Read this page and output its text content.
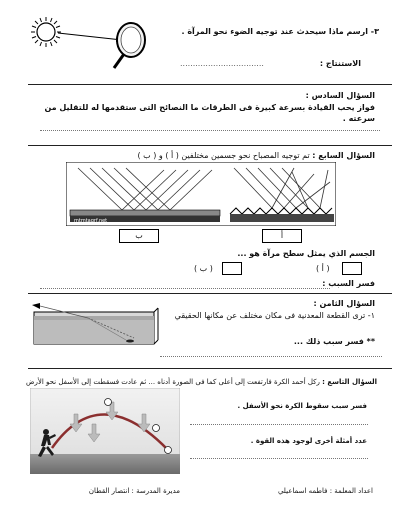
٣- ارسم ماذا سيحدث عند توجيه الضوء نحو المرآة .
الاستنتاج :
.................................
السؤال السادس :
فواز يحب القيادة بسرعة كبيرة فى الطرقات ما النصائح التى ستقدمها له للتقليل من سرعته .
السؤال السابع : تم توجيه المصباح نحو جسمين مختلفين ( أ ) و ( ب )
mtmtaqrf.net
ب	أ
الجسم الذي يمثل سطح مرآة هو ...
( أ )
( ب )
فسر السبب :
السؤال الثامن :
١- ترى القطعة المعدنية فى مكان مختلف عن مكانها الحقيقي
** فسر سبب ذلك ...
السؤال التاسع : ركل أحمد الكرة فارتفعت إلى أعلى كما فى الصورة أدناه ... ثم عادت فسقطت إلى الأسفل نحو الأرض
فسر سبب سقوط الكرة نحو الأسفل .
عدد أمثلة أخرى لوجود هذه القوة .
اعداد المعلمة : فاطمه اسماعيلي
مديرة المدرسة : انتصار القطان
